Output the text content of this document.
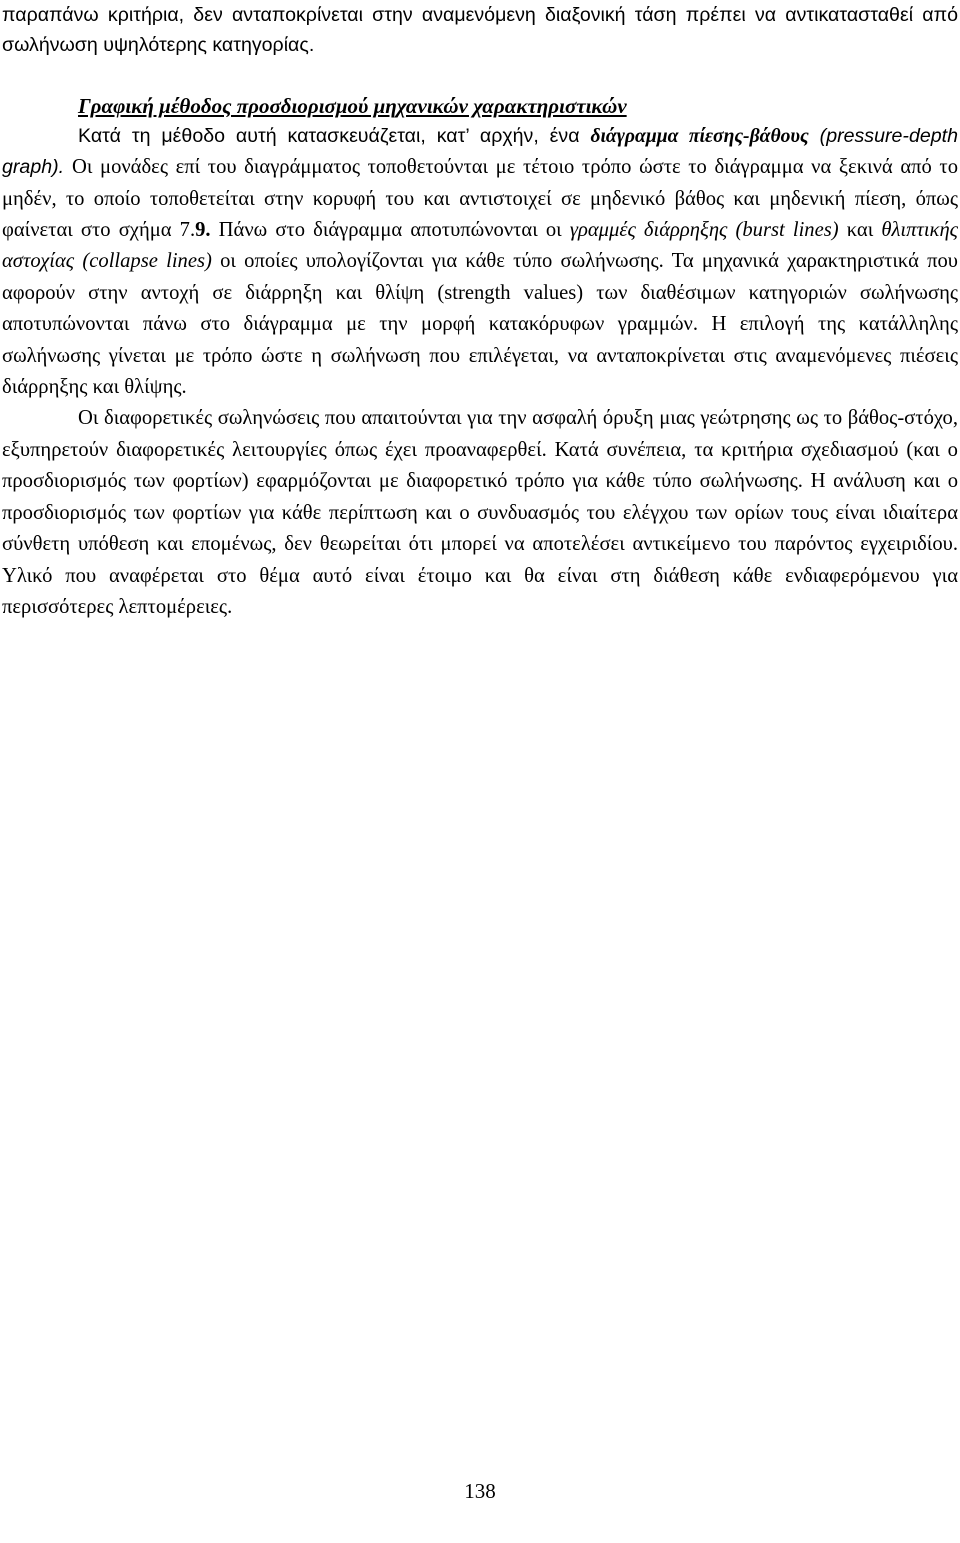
παραπάνω κριτήρια, δεν ανταποκρίνεται στην αναμενόμενη διαξονική τάση πρέπει να αντικατασταθεί από σωλήνωση υψηλότερης κατηγορίας.

Γραφική μέθοδος προσδιορισμού μηχανικών χαρακτηριστικών

Κατά τη μέθοδο αυτή κατασκευάζεται, κατ’ αρχήν, ένα διάγραμμα πίεσης-βάθους (pressure-depth graph). Οι μονάδες επί του διαγράμματος τοποθετούνται με τέτοιο τρόπο ώστε το διάγραμμα να ξεκινά από το μηδέν, το οποίο τοποθετείται στην κορυφή του και αντιστοιχεί σε μηδενικό βάθος και μηδενική πίεση, όπως φαίνεται στο σχήμα 7.9. Πάνω στο διάγραμμα αποτυπώνονται οι γραμμές διάρρηξης (burst lines) και θλιπτικής αστοχίας (collapse lines) οι οποίες υπολογίζονται για κάθε τύπο σωλήνωσης. Τα μηχανικά χαρακτηριστικά που αφορούν στην αντοχή σε διάρρηξη και θλίψη (strength values) των διαθέσιμων κατηγοριών σωλήνωσης αποτυπώνονται πάνω στο διάγραμμα με την μορφή κατακόρυφων γραμμών. Η επιλογή της κατάλληλης σωλήνωσης γίνεται με τρόπο ώστε η σωλήνωση που επιλέγεται, να ανταποκρίνεται στις αναμενόμενες πιέσεις διάρρηξης και θλίψης.

Οι διαφορετικές σωληνώσεις που απαιτούνται για την ασφαλή όρυξη μιας γεώτρησης ως το βάθος-στόχο, εξυπηρετούν διαφορετικές λειτουργίες όπως έχει προαναφερθεί. Κατά συνέπεια, τα κριτήρια σχεδιασμού (και ο προσδιορισμός των φορτίων) εφαρμόζονται με διαφορετικό τρόπο για κάθε τύπο σωλήνωσης. Η ανάλυση και ο προσδιορισμός των φορτίων για κάθε περίπτωση και ο συνδυασμός του ελέγχου των ορίων τους είναι ιδιαίτερα σύνθετη υπόθεση και επομένως, δεν θεωρείται ότι μπορεί να αποτελέσει αντικείμενο του παρόντος εγχειριδίου. Υλικό που αναφέρεται στο θέμα αυτό είναι έτοιμο και θα είναι στη διάθεση κάθε ενδιαφερόμενου για περισσότερες λεπτομέρειες.

138
